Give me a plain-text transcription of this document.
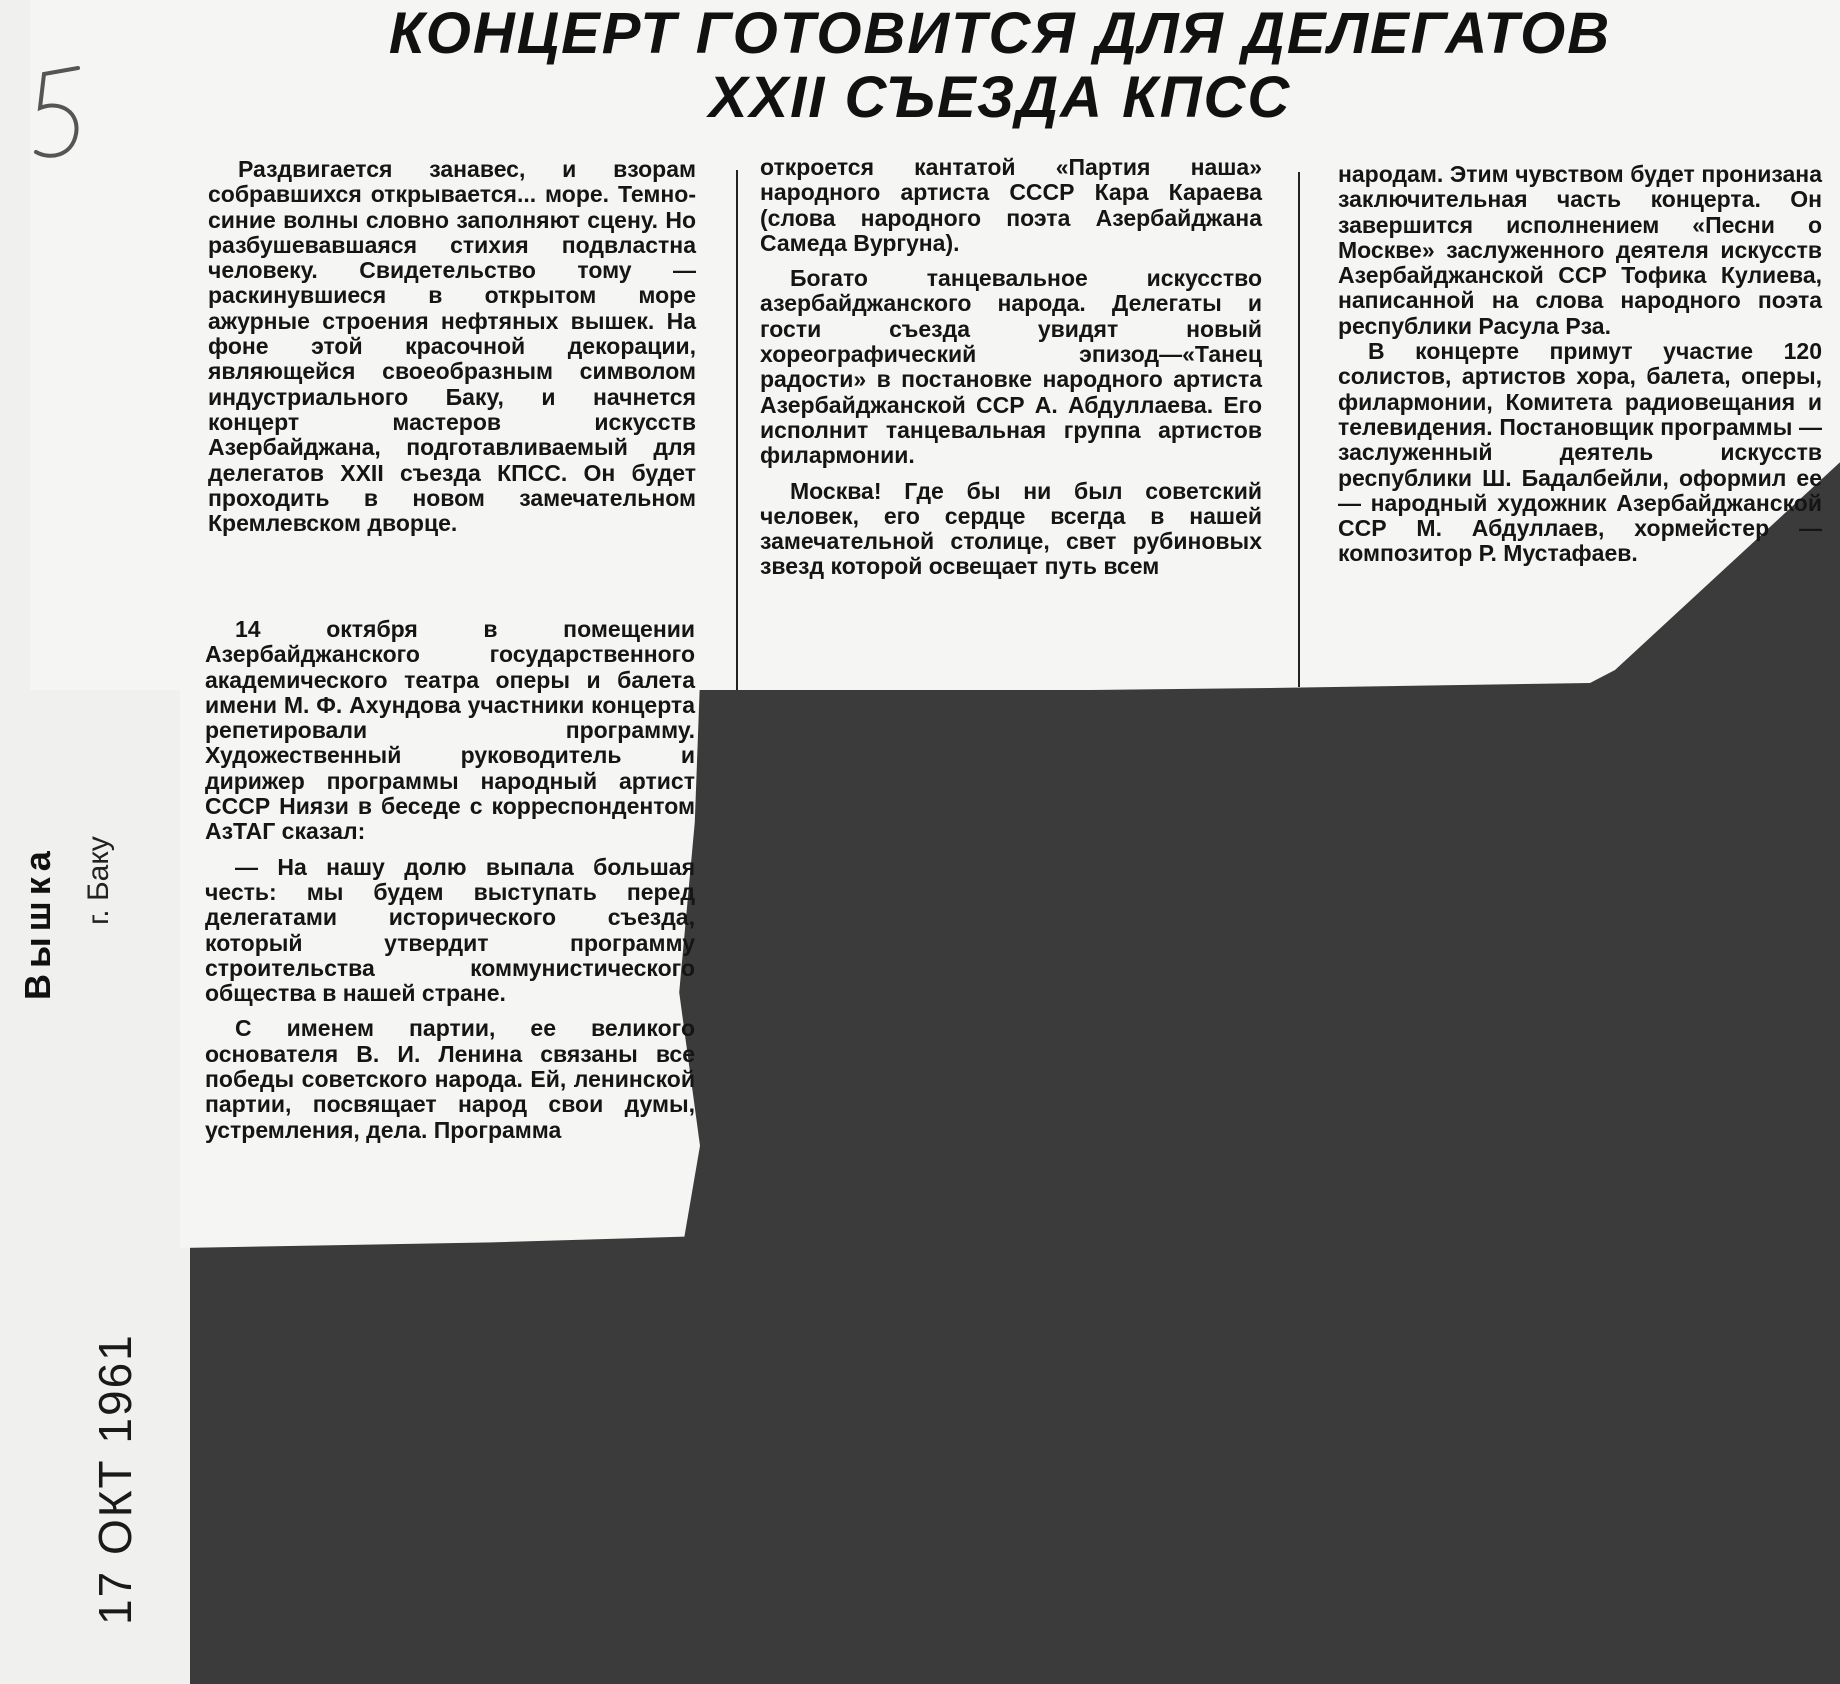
КОНЦЕРТ ГОТОВИТСЯ ДЛЯ ДЕЛЕГАТОВ
XXII СЪЕЗДА КПСС

Раздвигается занавес, и взорам собравшихся открывается... море. Темно-синие волны словно заполняют сцену. Но разбушевавшаяся стихия подвластна человеку. Свидетельство тому — раскинувшиеся в открытом море ажурные строения нефтяных вышек. На фоне этой красочной декорации, являющейся своеобразным символом индустриального Баку, и начнется концерт мастеров искусств Азербайджана, подготавливаемый для делегатов XXII съезда КПСС. Он будет проходить в новом замечательном Кремлевском дворце.

14 октября в помещении Азербайджанского государственного академического театра оперы и балета имени М. Ф. Ахундова участники концерта репетировали программу. Художественный руководитель и дирижер программы народный артист СССР Ниязи в беседе с корреспондентом АзТАГ сказал:

— На нашу долю выпала большая честь: мы будем выступать перед делегатами исторического съезда, который утвердит программу строительства коммунистического общества в нашей стране.

С именем партии, ее великого основателя В. И. Ленина связаны все победы советского народа. Ей, ленинской партии, посвящает народ свои думы, устремления, дела. Программа

откроется кантатой «Партия наша» народного артиста СССР Кара Караева (слова народного поэта Азербайджана Самеда Вургуна).

Богато танцевальное искусство азербайджанского народа. Делегаты и гости съезда увидят новый хореографический эпизод—«Танец радости» в постановке народного артиста Азербайджанской ССР А. Абдуллаева. Его исполнит танцевальная группа артистов филармонии.

Москва! Где бы ни был советский человек, его сердце всегда в нашей замечательной столице, свет рубиновых звезд которой освещает путь всем

народам. Этим чувством будет пронизана заключительная часть концерта. Он завершится исполнением «Песни о Москве» заслуженного деятеля искусств Азербайджанской ССР Тофика Кулиева, написанной на слова народного поэта республики Расула Рза.

В концерте примут участие 120 солистов, артистов хора, балета, оперы, филармонии, Комитета радиовещания и телевидения. Постановщик программы — заслуженный деятель искусств республики Ш. Бадалбейли, оформил ее — народный художник Азербайджанской ССР М. Абдуллаев, хормейстер — композитор Р. Мустафаев.

Вышка г. Баку
17 ОКТ 1961
